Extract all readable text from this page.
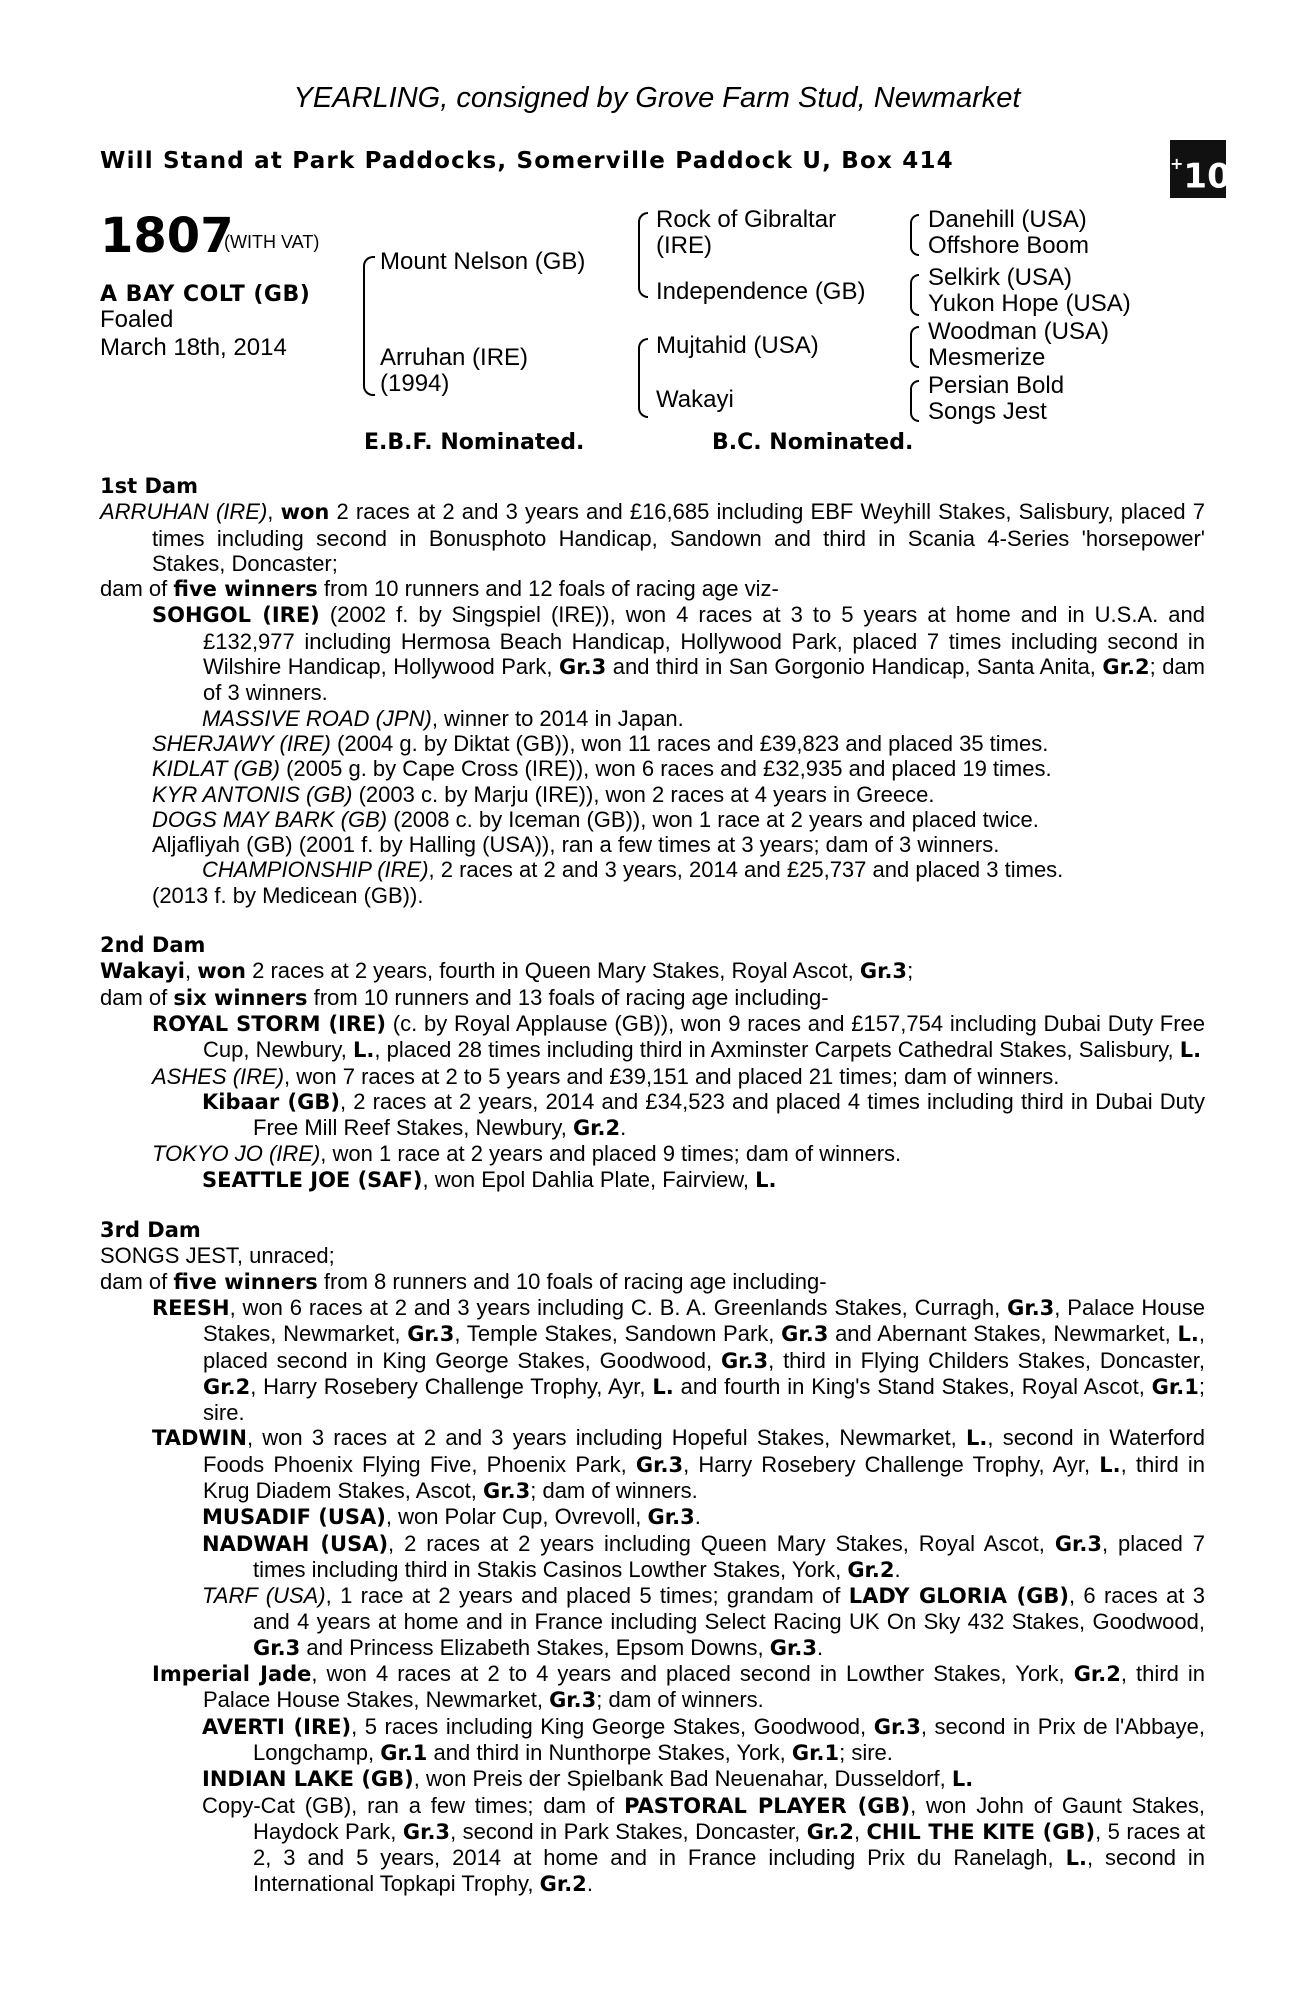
YEARLING, consigned by Grove Farm Stud, Newmarket
Will Stand at Park Paddocks, Somerville Paddock U, Box 414	+10
1807
(WITH VAT)
A BAY COLT (GB)
Foaled
March 18th, 2014
Mount Nelson (GB)
Arruhan (IRE)
(1994)
Rock of Gibraltar
(IRE)
Independence (GB)
Mujtahid (USA)
Wakayi
Danehill (USA)
Offshore Boom
Selkirk (USA)
Yukon Hope (USA)
Woodman (USA)
Mesmerize
Persian Bold
Songs Jest
E.B.F. Nominated.	B.C. Nominated.
1st Dam

ARRUHAN (IRE), won 2 races at 2 and 3 years and £16,685 including EBF Weyhill Stakes, Salisbury, placed 7 times including second in Bonusphoto Handicap, Sandown and third in Scania 4-Series 'horsepower' Stakes, Doncaster;

dam of five winners from 10 runners and 12 foals of racing age viz-

SOHGOL (IRE) (2002 f. by Singspiel (IRE)), won 4 races at 3 to 5 years at home and in U.S.A. and £132,977 including Hermosa Beach Handicap, Hollywood Park, placed 7 times including second in Wilshire Handicap, Hollywood Park, Gr.3 and third in San Gorgonio Handicap, Santa Anita, Gr.2; dam of 3 winners.

MASSIVE ROAD (JPN), winner to 2014 in Japan.

SHERJAWY (IRE) (2004 g. by Diktat (GB)), won 11 races and £39,823 and placed 35 times.

KIDLAT (GB) (2005 g. by Cape Cross (IRE)), won 6 races and £32,935 and placed 19 times.

KYR ANTONIS (GB) (2003 c. by Marju (IRE)), won 2 races at 4 years in Greece.

DOGS MAY BARK (GB) (2008 c. by Iceman (GB)), won 1 race at 2 years and placed twice.

Aljafliyah (GB) (2001 f. by Halling (USA)), ran a few times at 3 years; dam of 3 winners.

CHAMPIONSHIP (IRE), 2 races at 2 and 3 years, 2014 and £25,737 and placed 3 times.

(2013 f. by Medicean (GB)).

2nd Dam

Wakayi, won 2 races at 2 years, fourth in Queen Mary Stakes, Royal Ascot, Gr.3;

dam of six winners from 10 runners and 13 foals of racing age including-

ROYAL STORM (IRE) (c. by Royal Applause (GB)), won 9 races and £157,754 including Dubai Duty Free Cup, Newbury, L., placed 28 times including third in Axminster Carpets Cathedral Stakes, Salisbury, L.

ASHES (IRE), won 7 races at 2 to 5 years and £39,151 and placed 21 times; dam of winners.

Kibaar (GB), 2 races at 2 years, 2014 and £34,523 and placed 4 times including third in Dubai Duty Free Mill Reef Stakes, Newbury, Gr.2.

TOKYO JO (IRE), won 1 race at 2 years and placed 9 times; dam of winners.

SEATTLE JOE (SAF), won Epol Dahlia Plate, Fairview, L.

3rd Dam

SONGS JEST, unraced;

dam of five winners from 8 runners and 10 foals of racing age including-

REESH, won 6 races at 2 and 3 years including C. B. A. Greenlands Stakes, Curragh, Gr.3, Palace House Stakes, Newmarket, Gr.3, Temple Stakes, Sandown Park, Gr.3 and Abernant Stakes, Newmarket, L., placed second in King George Stakes, Goodwood, Gr.3, third in Flying Childers Stakes, Doncaster, Gr.2, Harry Rosebery Challenge Trophy, Ayr, L. and fourth in King's Stand Stakes, Royal Ascot, Gr.1; sire.

TADWIN, won 3 races at 2 and 3 years including Hopeful Stakes, Newmarket, L., second in Waterford Foods Phoenix Flying Five, Phoenix Park, Gr.3, Harry Rosebery Challenge Trophy, Ayr, L., third in Krug Diadem Stakes, Ascot, Gr.3; dam of winners.

MUSADIF (USA), won Polar Cup, Ovrevoll, Gr.3.

NADWAH (USA), 2 races at 2 years including Queen Mary Stakes, Royal Ascot, Gr.3, placed 7 times including third in Stakis Casinos Lowther Stakes, York, Gr.2.

TARF (USA), 1 race at 2 years and placed 5 times; grandam of LADY GLORIA (GB), 6 races at 3 and 4 years at home and in France including Select Racing UK On Sky 432 Stakes, Goodwood, Gr.3 and Princess Elizabeth Stakes, Epsom Downs, Gr.3.

Imperial Jade, won 4 races at 2 to 4 years and placed second in Lowther Stakes, York, Gr.2, third in Palace House Stakes, Newmarket, Gr.3; dam of winners.

AVERTI (IRE), 5 races including King George Stakes, Goodwood, Gr.3, second in Prix de l'Abbaye, Longchamp, Gr.1 and third in Nunthorpe Stakes, York, Gr.1; sire.

INDIAN LAKE (GB), won Preis der Spielbank Bad Neuenahar, Dusseldorf, L.

Copy-Cat (GB), ran a few times; dam of PASTORAL PLAYER (GB), won John of Gaunt Stakes, Haydock Park, Gr.3, second in Park Stakes, Doncaster, Gr.2, CHIL THE KITE (GB), 5 races at 2, 3 and 5 years, 2014 at home and in France including Prix du Ranelagh, L., second in International Topkapi Trophy, Gr.2.
